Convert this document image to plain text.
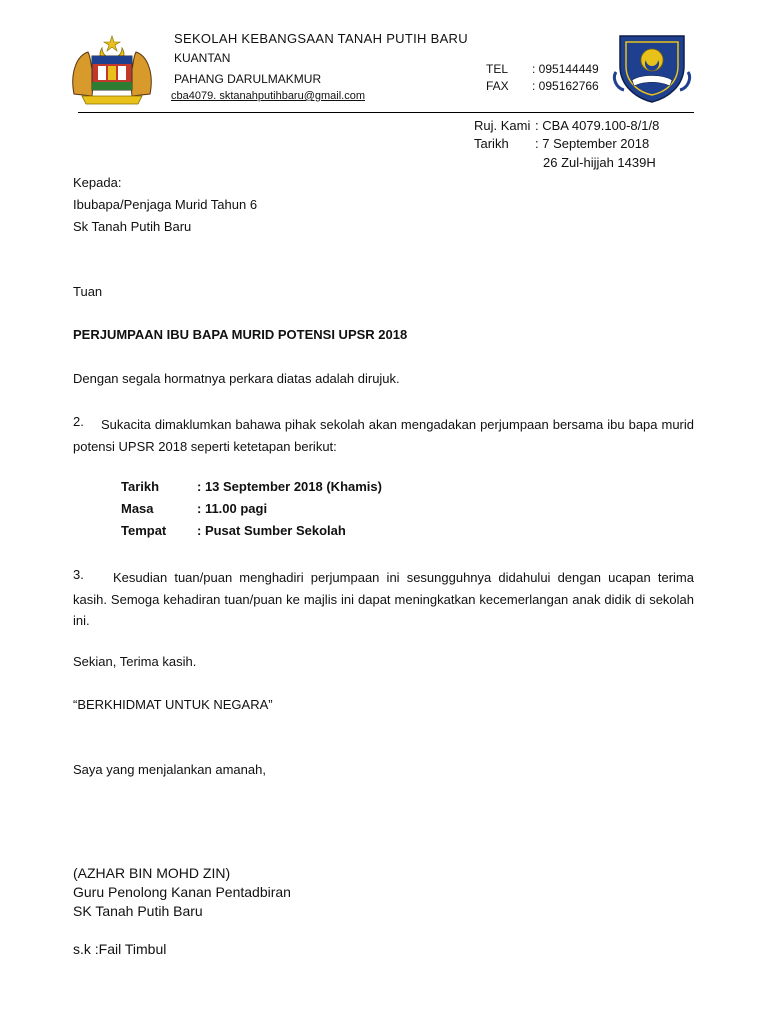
SEKOLAH KEBANGSAAN TANAH PUTIH BARU
KUANTAN
PAHANG DARULMAKMUR
cba4079. sktanahputihbaru@gmail.com
TEL : 095144449
FAX : 095162766
Ruj. Kami : CBA 4079.100-8/1/8
Tarikh : 7 September 2018
26 Zul-hijjah 1439H
Kepada:
Ibubapa/Penjaga Murid Tahun 6
Sk Tanah Putih Baru
Tuan
PERJUMPAAN IBU BAPA MURID POTENSI UPSR 2018
Dengan segala hormatnya perkara diatas adalah dirujuk.
2.	Sukacita dimaklumkan bahawa pihak sekolah akan mengadakan perjumpaan bersama ibu bapa murid potensi UPSR 2018 seperti ketetapan berikut:
Tarikh	: 13 September 2018 (Khamis)
Masa	: 11.00 pagi
Tempat : Pusat Sumber Sekolah
3.	Kesudian tuan/puan menghadiri perjumpaan ini sesungguhnya didahului dengan ucapan terima kasih. Semoga kehadiran tuan/puan ke majlis ini dapat meningkatkan kecemerlangan anak didik di sekolah ini.
Sekian, Terima kasih.
“BERKHIDMAT UNTUK NEGARA”
Saya yang menjalankan amanah,
(AZHAR BIN MOHD ZIN)
Guru Penolong Kanan Pentadbiran
SK Tanah Putih Baru
s.k :Fail Timbul
